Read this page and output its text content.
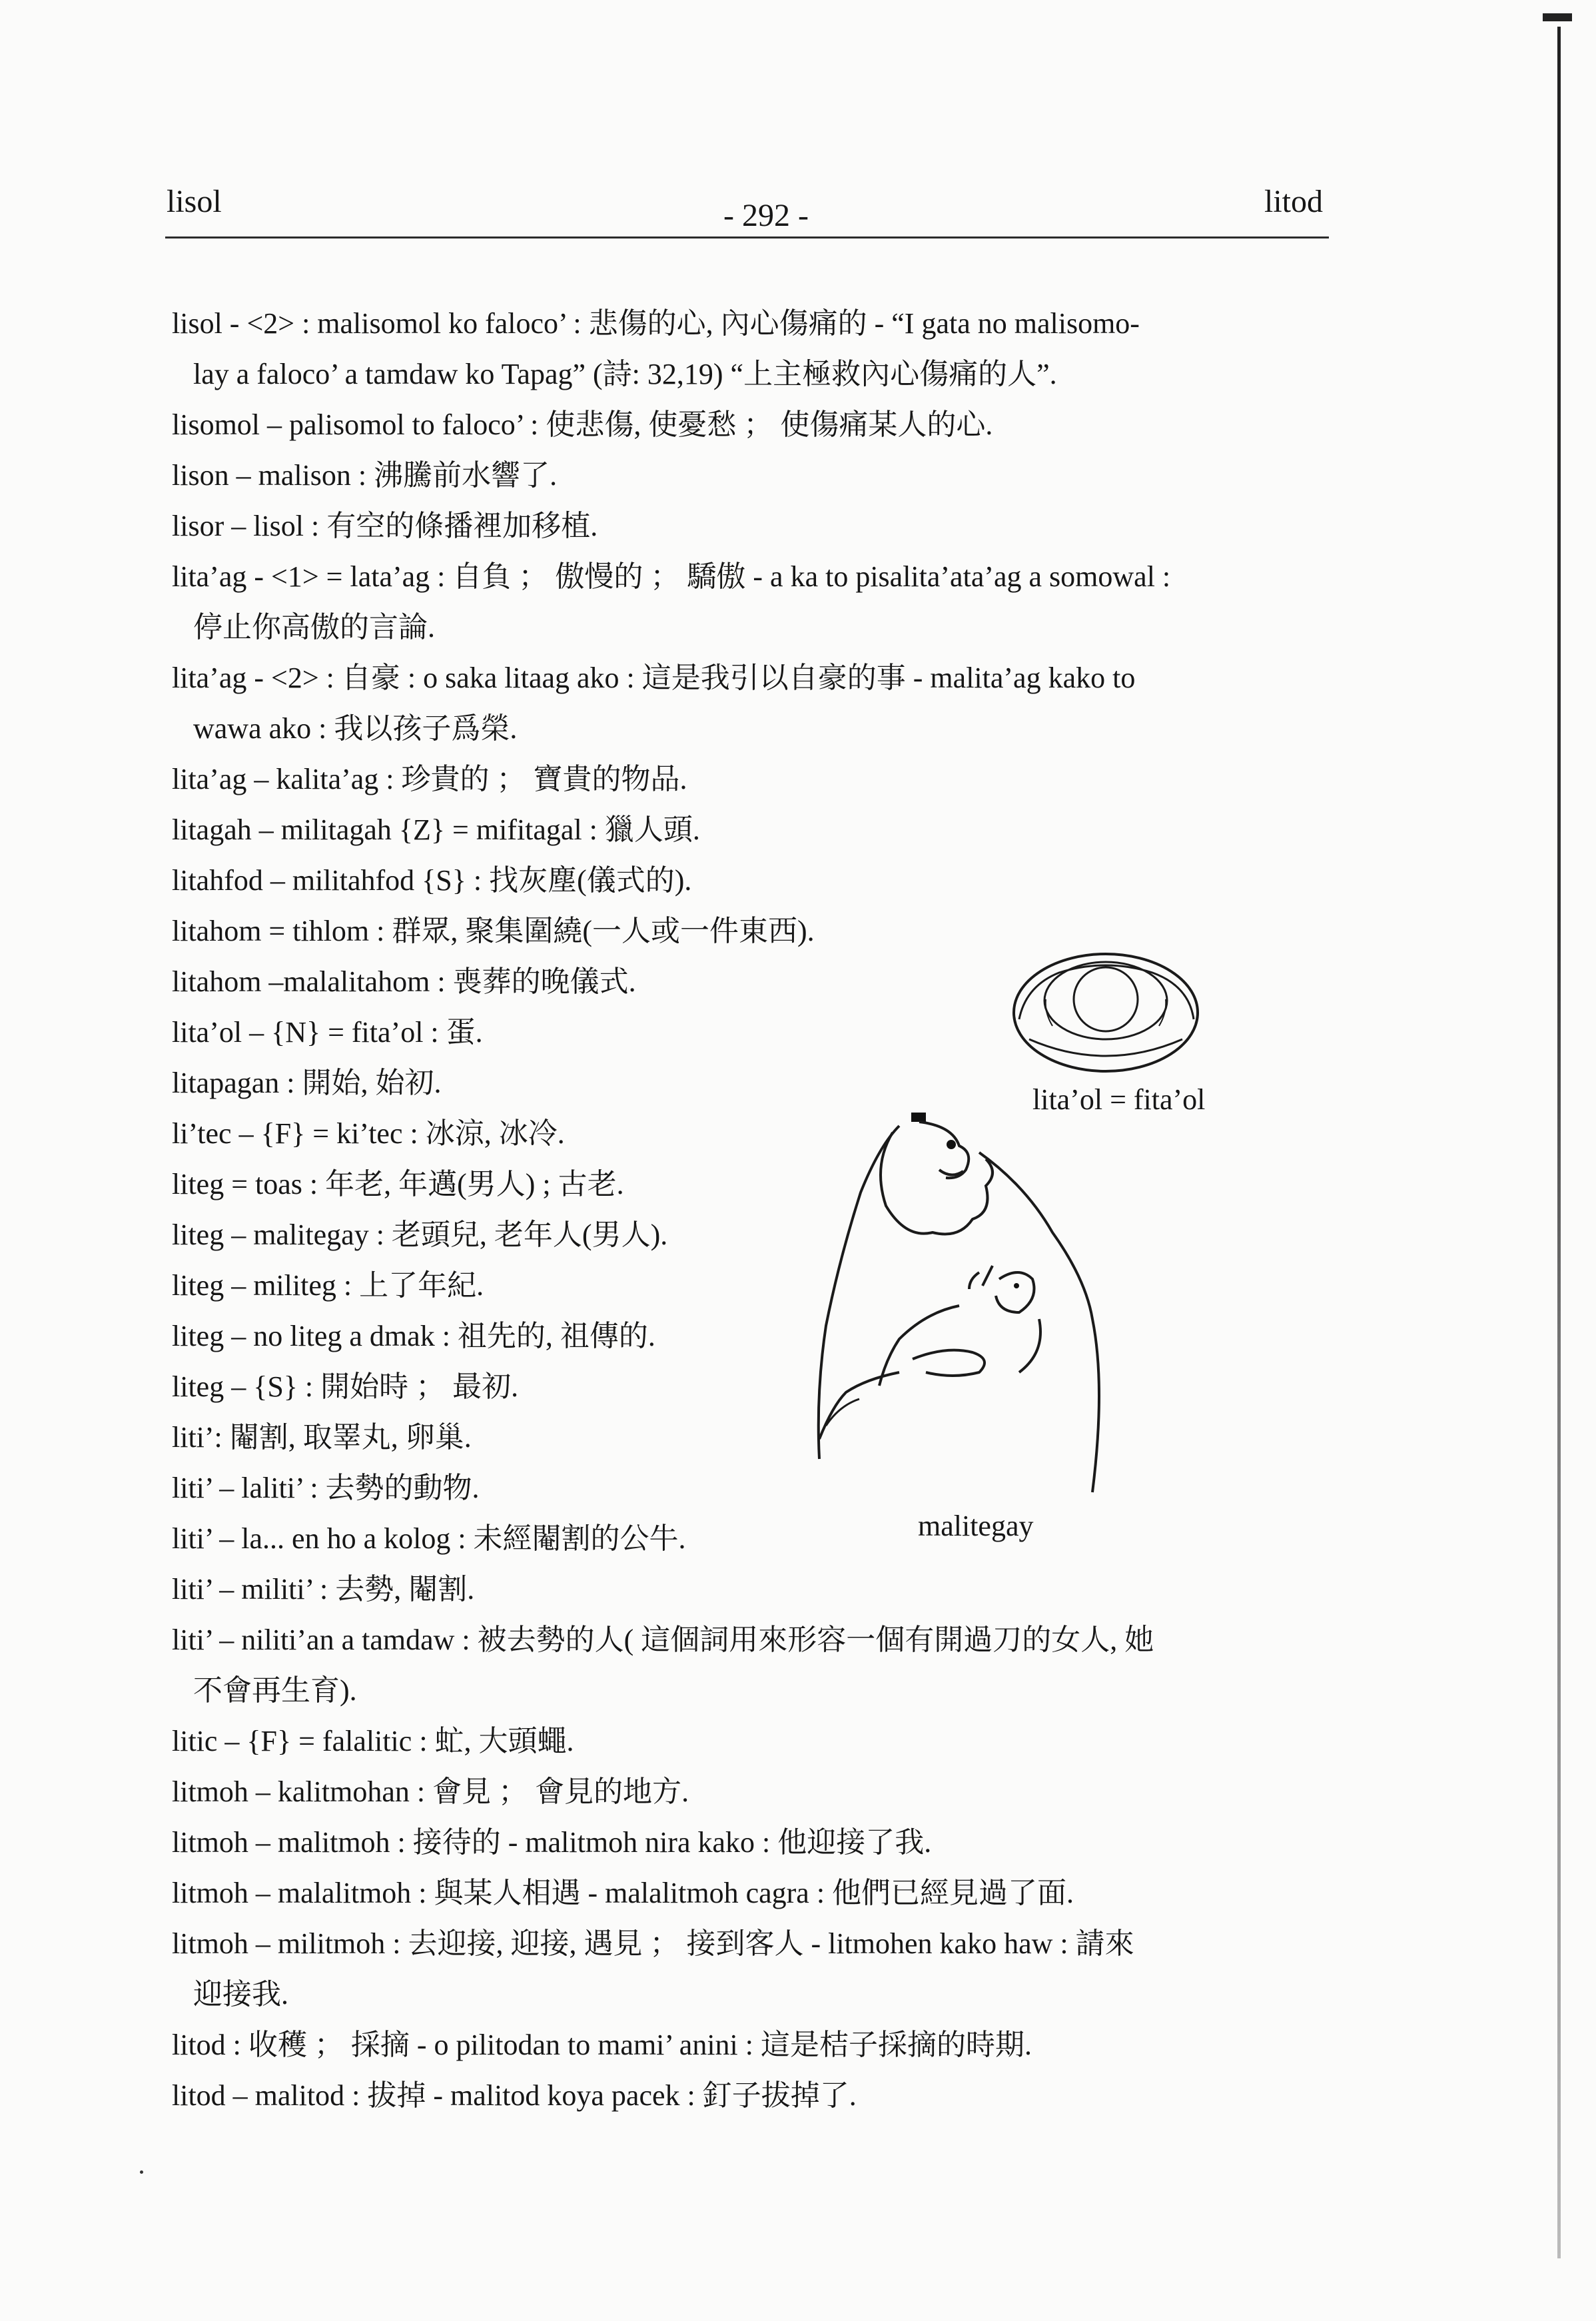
lisol	- 292 -	litod
lisol - <2> : malisomol ko faloco’ : 悲傷的心, 內心傷痛的 - “I gata no malisomo-
lay a faloco’ a tamdaw ko Tapag” (詩: 32,19) “上主極救內心傷痛的人”.
lisomol – palisomol to faloco’ : 使悲傷, 使憂愁 ； 使傷痛某人的心.
lison – malison : 沸騰前水響了.
lisor – lisol : 有空的條播裡加移植.
lita’ag - <1> = lata’ag : 自負 ； 傲慢的 ； 驕傲 - a ka to pisalita’ata’ag a somowal :
停止你高傲的言論.
lita’ag - <2> : 自豪 : o saka litaag ako : 這是我引以自豪的事 - malita’ag kako to
wawa ako : 我以孩子爲榮.
lita’ag – kalita’ag : 珍貴的 ； 寶貴的物品.
litagah – militagah {Z} = mifitagal : 獵人頭.
litahfod – militahfod {S} : 找灰塵(儀式的).
litahom = tihlom : 群眾, 聚集圍繞(一人或一件東西).
litahom –malalitahom : 喪葬的晚儀式.
lita’ol – {N} = fita’ol : 蛋.
litapagan : 開始, 始初.
li’tec – {F} = ki’tec : 冰涼, 冰冷.
liteg = toas : 年老, 年邁(男人) ; 古老.
liteg – malitegay : 老頭兒, 老年人(男人).
liteg – militeg : 上了年紀.
liteg – no liteg a dmak : 祖先的, 祖傳的.
liteg – {S} : 開始時 ； 最初.
liti’: 閹割, 取睪丸, 卵巢.
liti’ – laliti’ : 去勢的動物.
liti’ – la... en ho a kolog : 未經閹割的公牛.
liti’ – militi’ : 去勢, 閹割.
liti’ – niliti’an a tamdaw : 被去勢的人( 這個詞用來形容一個有開過刀的女人, 她
不會再生育).
litic – {F} = falalitic : 虻, 大頭蠅.
litmoh – kalitmohan : 會見 ； 會見的地方.
litmoh – malitmoh : 接待的 - malitmoh nira kako : 他迎接了我.
litmoh – malalitmoh : 與某人相遇 - malalitmoh cagra : 他們已經見過了面.
litmoh – militmoh : 去迎接, 迎接, 遇見 ； 接到客人 - litmohen kako haw : 請來
迎接我.
litod : 收穫 ； 採摘 - o pilitodan to mami’ anini : 這是桔子採摘的時期.
litod – malitod : 拔掉 - malitod koya pacek : 釘子拔掉了.
lita’ol = fita’ol
malitegay
